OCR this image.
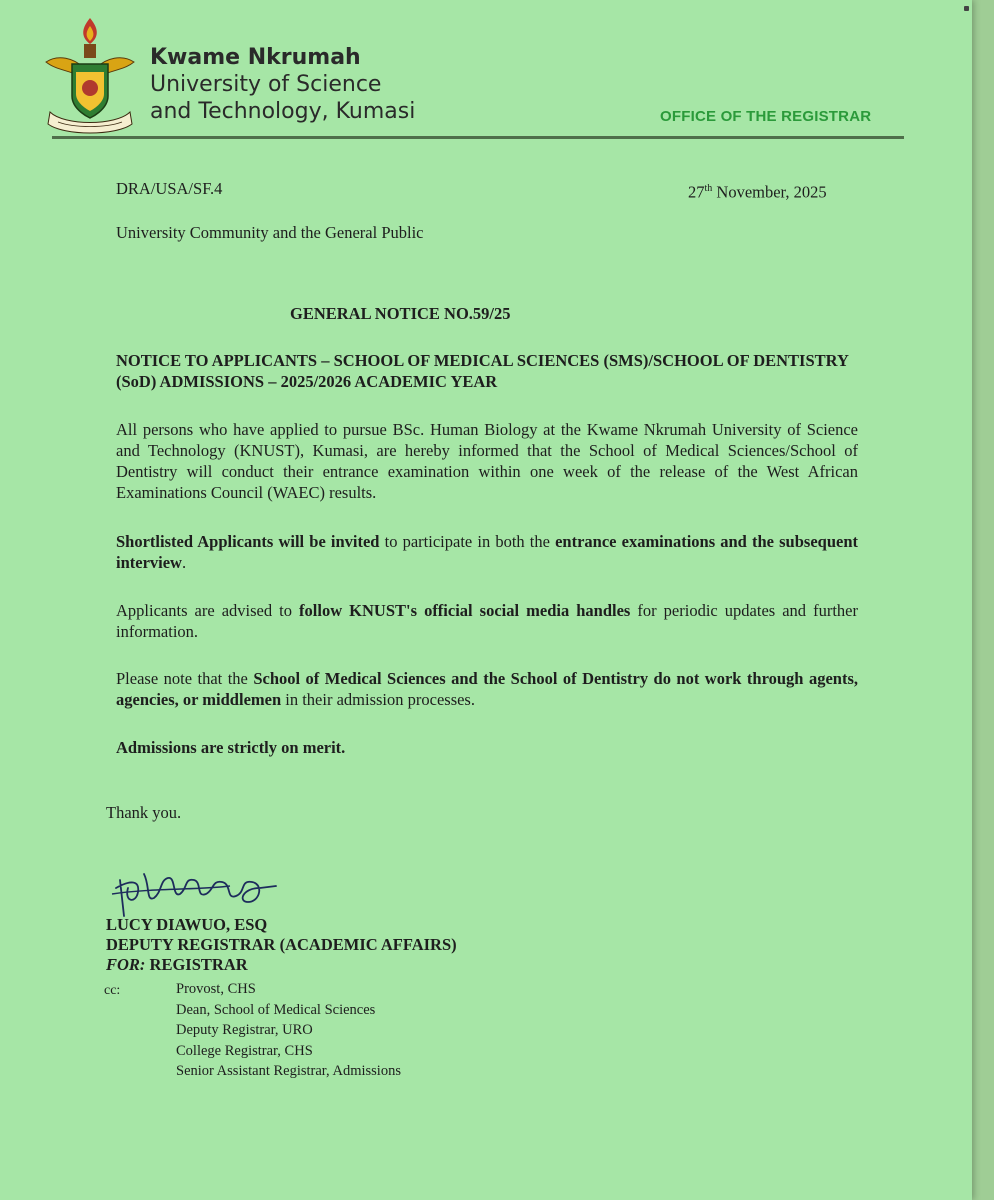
Kwame Nkrumah
University of Science
and Technology, Kumasi	OFFICE OF THE REGISTRAR
DRA/USA/SF.4	27th November, 2025
University Community and the General Public
GENERAL NOTICE NO.59/25
NOTICE TO APPLICANTS – SCHOOL OF MEDICAL SCIENCES (SMS)/SCHOOL OF DENTISTRY (SoD) ADMISSIONS – 2025/2026 ACADEMIC YEAR
All persons who have applied to pursue BSc. Human Biology at the Kwame Nkrumah University of Science and Technology (KNUST), Kumasi, are hereby informed that the School of Medical Sciences/School of Dentistry will conduct their entrance examination within one week of the release of the West African Examinations Council (WAEC) results.
Shortlisted Applicants will be invited to participate in both the entrance examinations and the subsequent interview.
Applicants are advised to follow KNUST's official social media handles for periodic updates and further information.
Please note that the School of Medical Sciences and the School of Dentistry do not work through agents, agencies, or middlemen in their admission processes.
Admissions are strictly on merit.
Thank you.
LUCY DIAWUO, ESQ
DEPUTY REGISTRAR (ACADEMIC AFFAIRS)
FOR: REGISTRAR
cc:	Provost, CHS
Dean, School of Medical Sciences
Deputy Registrar, URO
College Registrar, CHS
Senior Assistant Registrar, Admissions
